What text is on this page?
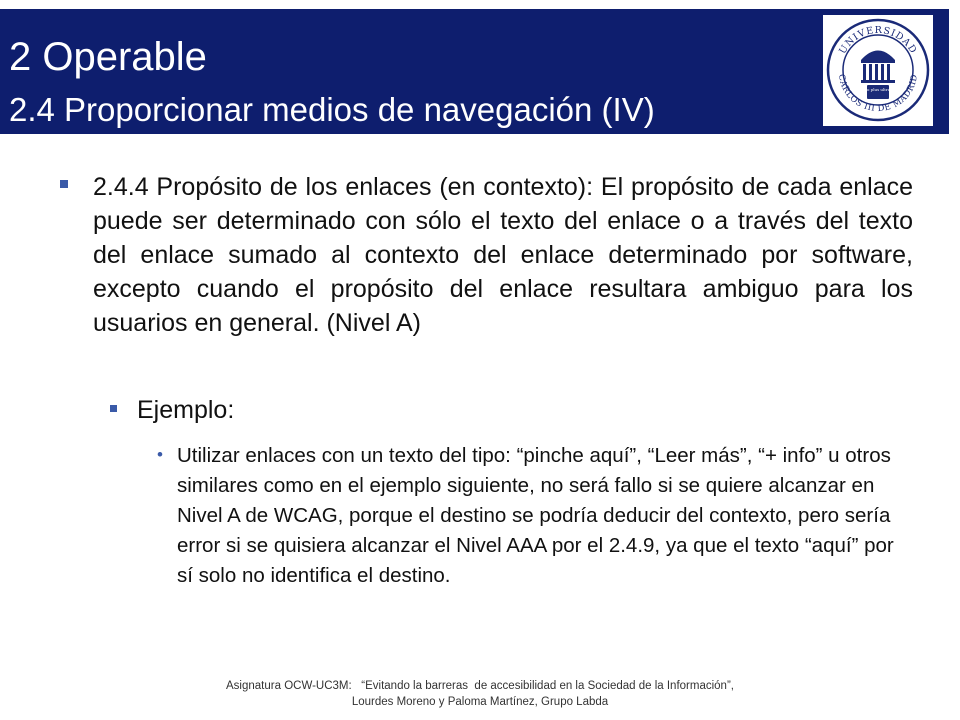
2 Operable
2.4 Proporcionar medios de navegación (IV)
UNIVERSIDAD
CARLOS III DE MADRID
homo plus ultra res
2.4.4 Propósito de los enlaces (en contexto): El propósito de cada enlace puede ser determinado con sólo el texto del enlace o a través del texto del enlace sumado al contexto del enlace determinado por software, excepto cuando el propósito del enlace resultara ambiguo para los usuarios en general. (Nivel A)
Ejemplo:
• Utilizar enlaces con un texto del tipo: “pinche aquí”, “Leer más”, “+ info” u otros similares como en el ejemplo siguiente, no será fallo si se quiere alcanzar en Nivel A de WCAG, porque el destino se podría deducir del contexto, pero sería error si se quisiera alcanzar el Nivel AAA por el 2.4.9, ya que el texto “aquí” por sí solo no identifica el destino.
Asignatura OCW-UC3M:   “Evitando la barreras  de accesibilidad en la Sociedad de la Información”,
Lourdes Moreno y Paloma Martínez, Grupo Labda
